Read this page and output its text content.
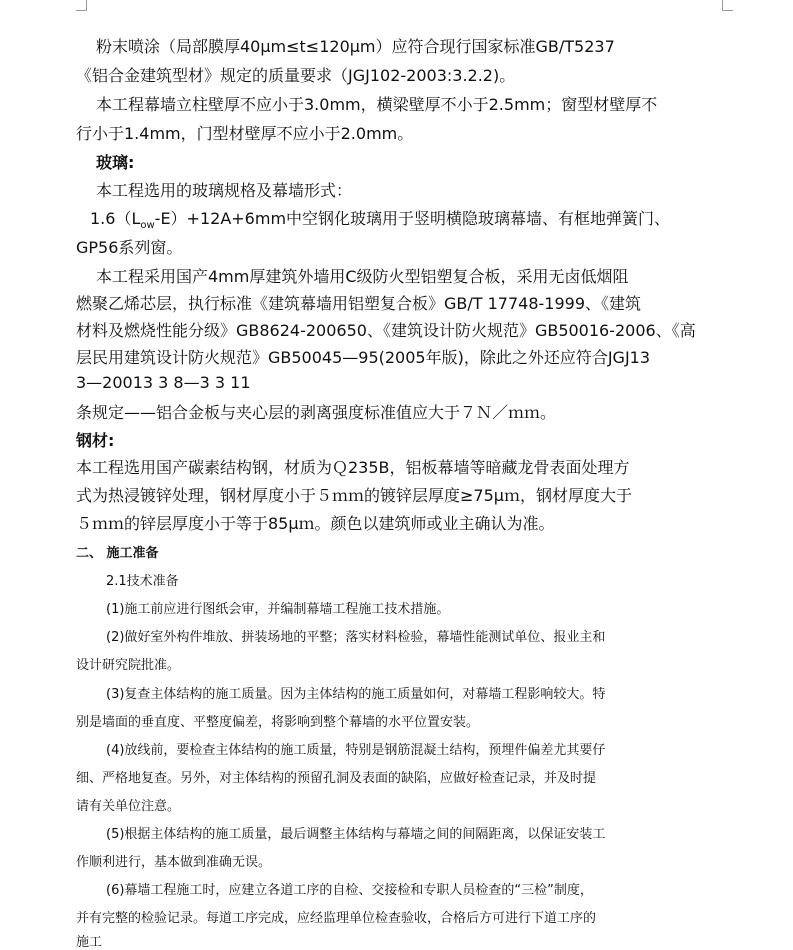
粉末喷涂（局部膜厚40μm≤t≤120μm）应符合现行国家标准GB/T5237
《铝合金建筑型材》规定的质量要求（JGJ102-2003:3.2.2)。
本工程幕墙立柱壁厚不应小于3.0mm，横梁壁厚不小于2.5mm；窗型材壁厚不
行小于1.4mm，门型材壁厚不应小于2.0mm。
玻璃:
本工程选用的玻璃规格及幕墙形式：
$1.6(L_{ow}-E)+12A+6mm$中空钢化玻璃用于竖明横隐玻璃幕墙、有框地弹簧门、
GP56系列窗。
本工程采用国产4mm厚建筑外墙用C级防火型铝塑复合板，采用无卤低烟阻
燃聚乙烯芯层，执行标准《建筑幕墙用铝塑复合板》GB/T 17748-1999、《建筑
材料及燃烧性能分级》GB8624-200650、《建筑设计防火规范》GB50016-2006、《高
层民用建筑设计防火规范》GB50045—95(2005年版)，除此之外还应符合JGJ13
3—20013 3 8—3 3 11
条规定——铝合金板与夹心层的剥离强度标准值应大于７Ｎ／ｍｍ。
钢材:
本工程选用国产碳素结构钢，材质为Ｑ235B，铝板幕墙等暗藏龙骨表面处理方
式为热浸镀锌处理，钢材厚度小于５ｍｍ的镀锌层厚度≥75μｍ，钢材厚度大于
５ｍｍ的锌层厚度小于等于85μｍ。颜色以建筑师或业主确认为准。
二、 施工准备
2.1技术准备
(1)施工前应进行图纸会审，并编制幕墙工程施工技术措施。
(2)做好室外构件堆放、拼装场地的平整；落实材料检验，幕墙性能测试单位、报业主和
设计研究院批准。
(3)复查主体结构的施工质量。因为主体结构的施工质量如何，对幕墙工程影响较大。特
别是墙面的垂直度、平整度偏差，将影响到整个幕墙的水平位置安装。
(4)放线前，要检查主体结构的施工质量，特别是钢筋混凝土结构，预埋件偏差尤其要仔
细、严格地复查。另外，对主体结构的预留孔洞及表面的缺陷，应做好检查记录，并及时提
请有关单位注意。
(5)根据主体结构的施工质量，最后调整主体结构与幕墙之间的间隔距离，以保证安装工
作顺利进行，基本做到准确无误。
(6)幕墙工程施工时，应建立各道工序的自检、交接检和专职人员检查的“三检”制度，
并有完整的检验记录。每道工序完成，应经监理单位检查验收，合格后方可进行下道工序的
施工
